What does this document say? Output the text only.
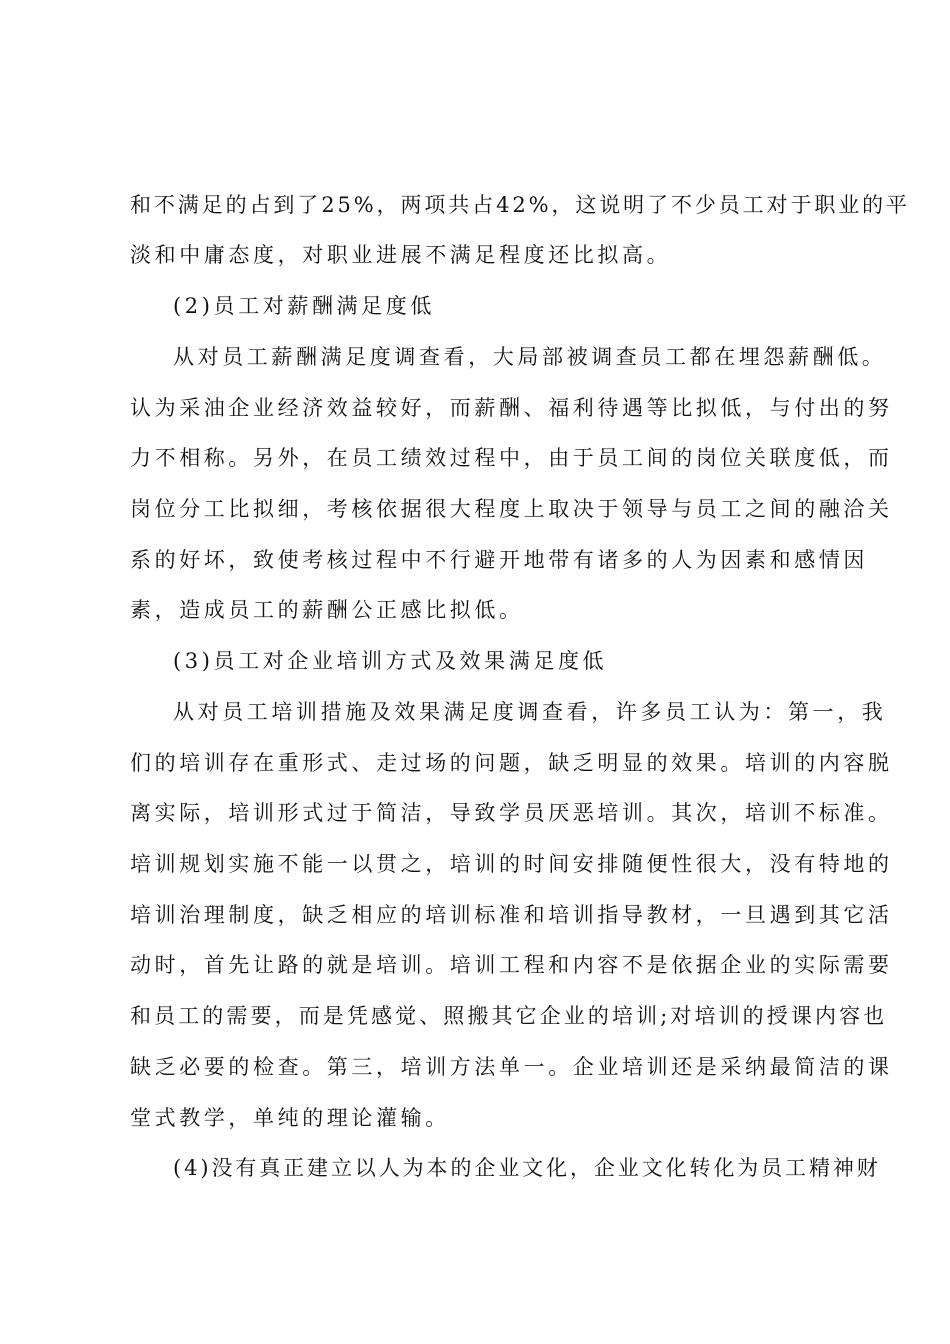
和不满足的占到了25%，两项共占42%，这说明了不少员工对于职业的平
淡和中庸态度，对职业进展不满足程度还比拟高。
(2)员工对薪酬满足度低
从对员工薪酬满足度调查看，大局部被调查员工都在埋怨薪酬低。
认为采油企业经济效益较好，而薪酬、福利待遇等比拟低，与付出的努
力不相称。另外，在员工绩效过程中，由于员工间的岗位关联度低，而
岗位分工比拟细，考核依据很大程度上取决于领导与员工之间的融洽关
系的好坏，致使考核过程中不行避开地带有诸多的人为因素和感情因
素，造成员工的薪酬公正感比拟低。
(3)员工对企业培训方式及效果满足度低
从对员工培训措施及效果满足度调查看，许多员工认为：第一，我
们的培训存在重形式、走过场的问题，缺乏明显的效果。培训的内容脱
离实际，培训形式过于简洁，导致学员厌恶培训。其次，培训不标准。
培训规划实施不能一以贯之，培训的时间安排随便性很大，没有特地的
培训治理制度，缺乏相应的培训标准和培训指导教材，一旦遇到其它活
动时，首先让路的就是培训。培训工程和内容不是依据企业的实际需要
和员工的需要，而是凭感觉、照搬其它企业的培训;对培训的授课内容也
缺乏必要的检查。第三，培训方法单一。企业培训还是采纳最简洁的课
堂式教学，单纯的理论灌输。
(4)没有真正建立以人为本的企业文化，企业文化转化为员工精神财
